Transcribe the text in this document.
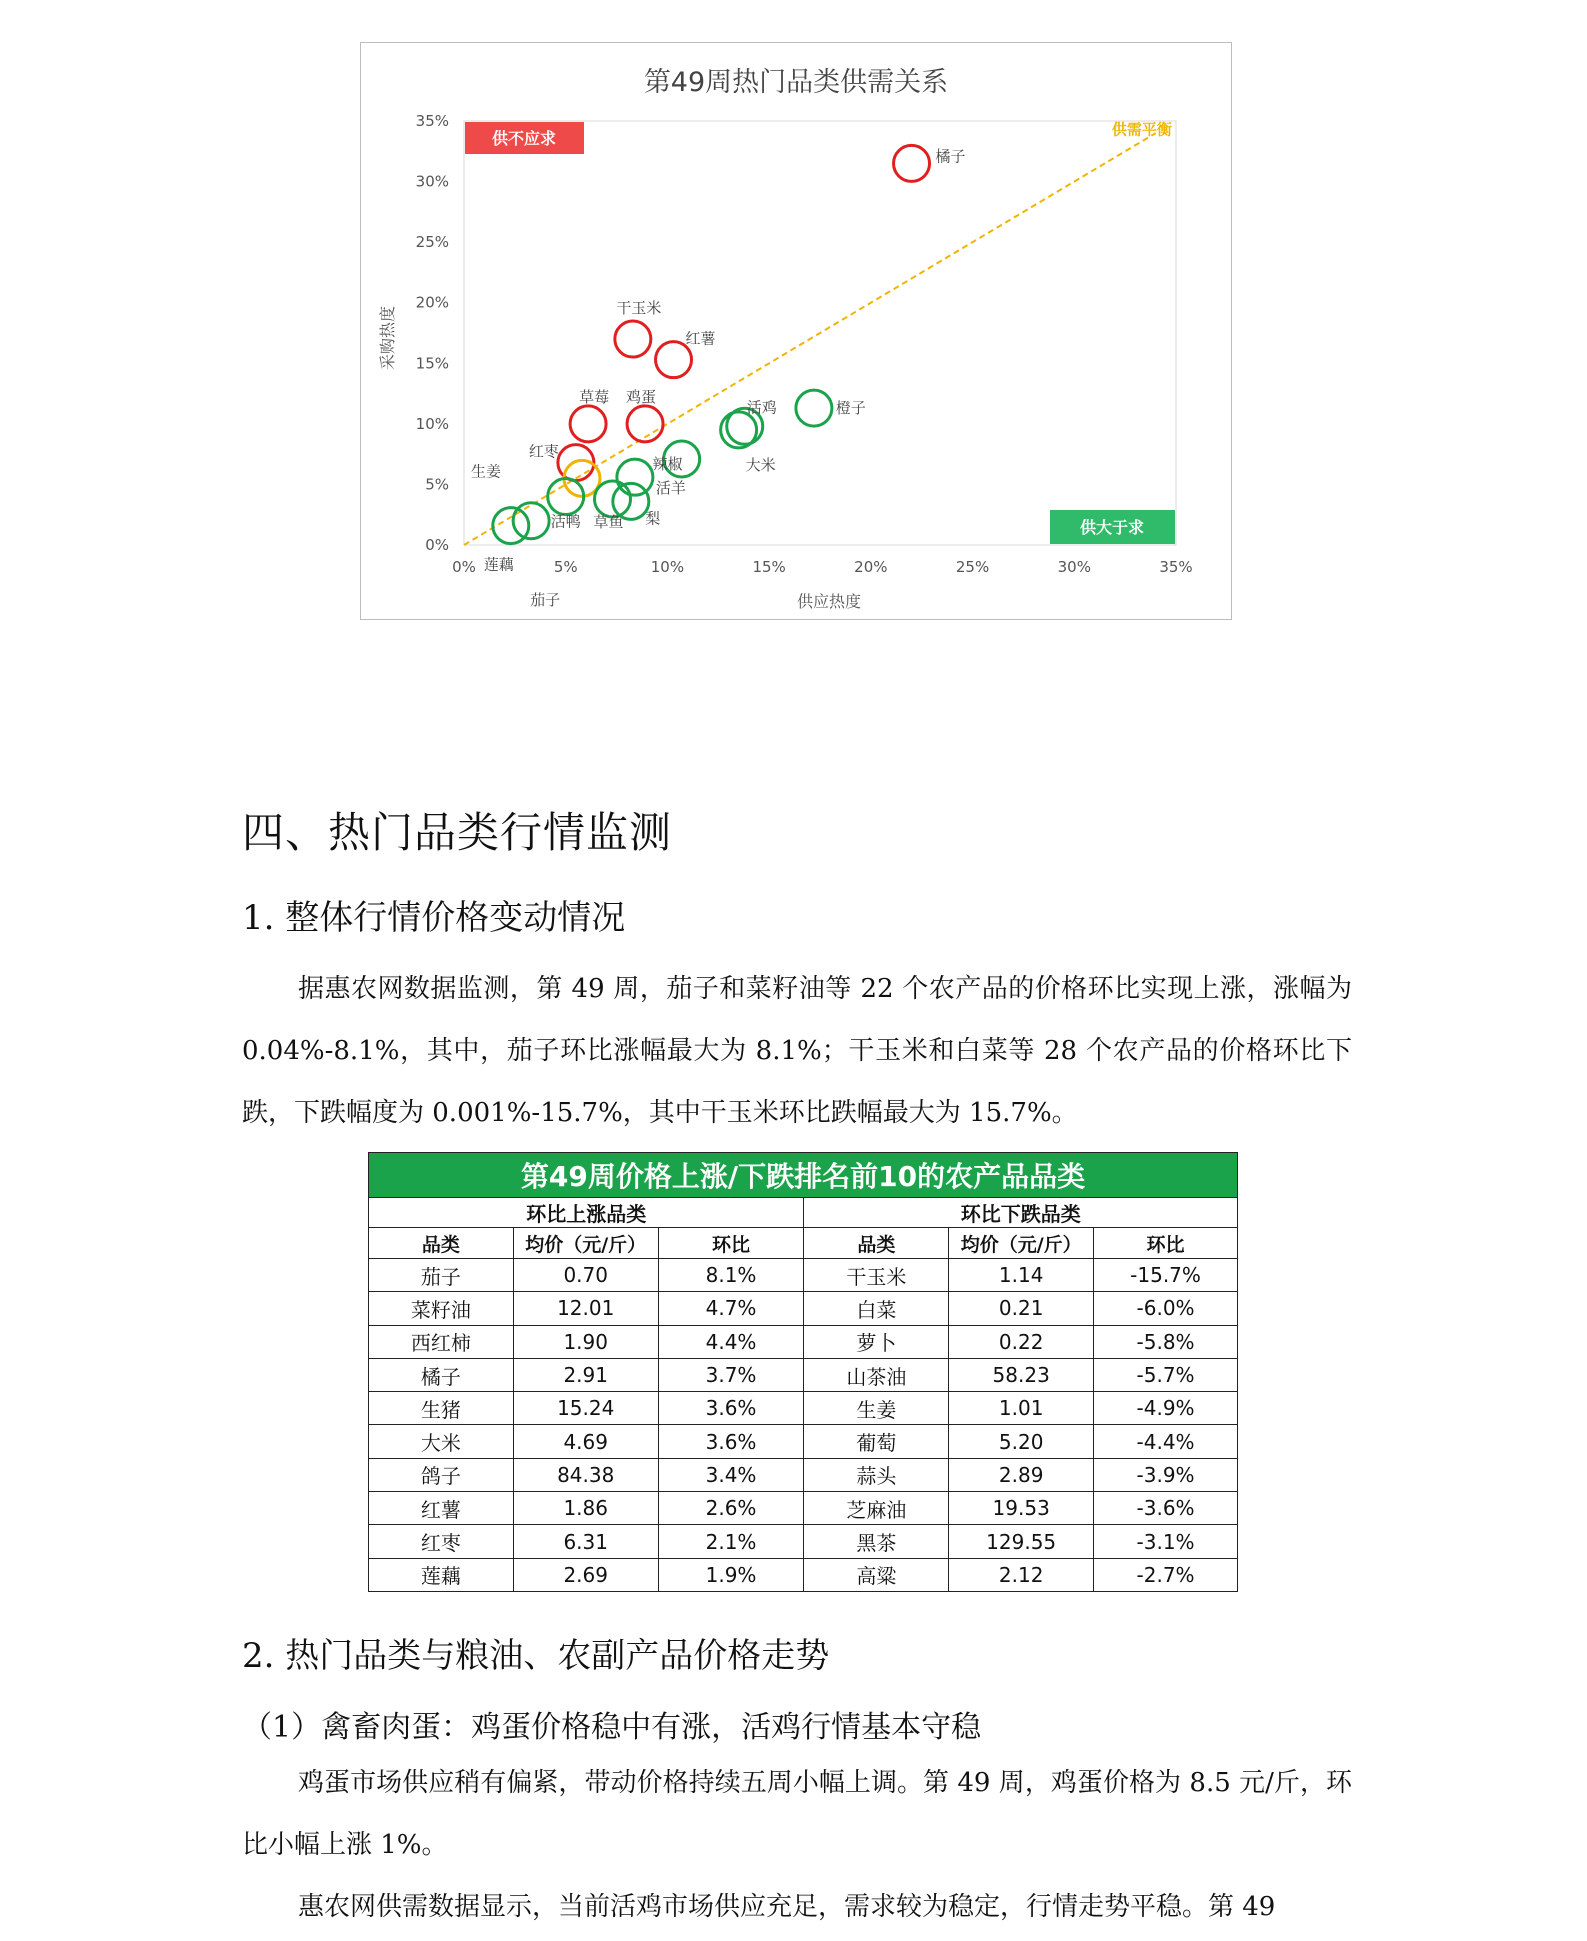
第49周热门品类供需关系
0%	5%	10%	15%	20%	25%	30%	35%
0%
5%
10%
15%
20%
25%
30%
35%	供需平衡
供不应求
供大于求
橘子
干玉米
红薯
草莓 鸡蛋
红枣
生姜
橙子
活鸡
大米
辣椒
活羊
活鸭 草鱼 梨
茄子
莲藕
供应热度
采购热度
四、热门品类行情监测
1. 整体行情价格变动情况

据惠农网数据监测，第 49 周，茄子和菜籽油等 22 个农产品的价格环比实现上涨，涨幅为 0.04%-8.1%，其中，茄子环比涨幅最大为 8.1%；干玉米和白菜等 28 个农产品的价格环比下跌，下跌幅度为 0.001%-15.7%，其中干玉米环比跌幅最大为 15.7%。

第49周价格上涨/下跌排名前10的农产品品类					
环比上涨品类			环比下跌品类		
品类	均价（元/斤）	环比	品类	均价（元/斤）	环比
茄子	0.70	8.1%	干玉米	1.14	-15.7%
菜籽油	12.01	4.7%	白菜	0.21	-6.0%
西红柿	1.90	4.4%	萝卜	0.22	-5.8%
橘子	2.91	3.7%	山茶油	58.23	-5.7%
生猪	15.24	3.6%	生姜	1.01	-4.9%
大米	4.69	3.6%	葡萄	5.20	-4.4%
鸽子	84.38	3.4%	蒜头	2.89	-3.9%
红薯	1.86	2.6%	芝麻油	19.53	-3.6%
红枣	6.31	2.1%	黑茶	129.55	-3.1%
莲藕	2.69	1.9%	高粱	2.12	-2.7%
2. 热门品类与粮油、农副产品价格走势
（1）禽畜肉蛋：鸡蛋价格稳中有涨，活鸡行情基本守稳

鸡蛋市场供应稍有偏紧，带动价格持续五周小幅上调。第 49 周，鸡蛋价格为 8.5 元/斤，环比小幅上涨 1%。

惠农网供需数据显示，当前活鸡市场供应充足，需求较为稳定，行情走势平稳。第 49
